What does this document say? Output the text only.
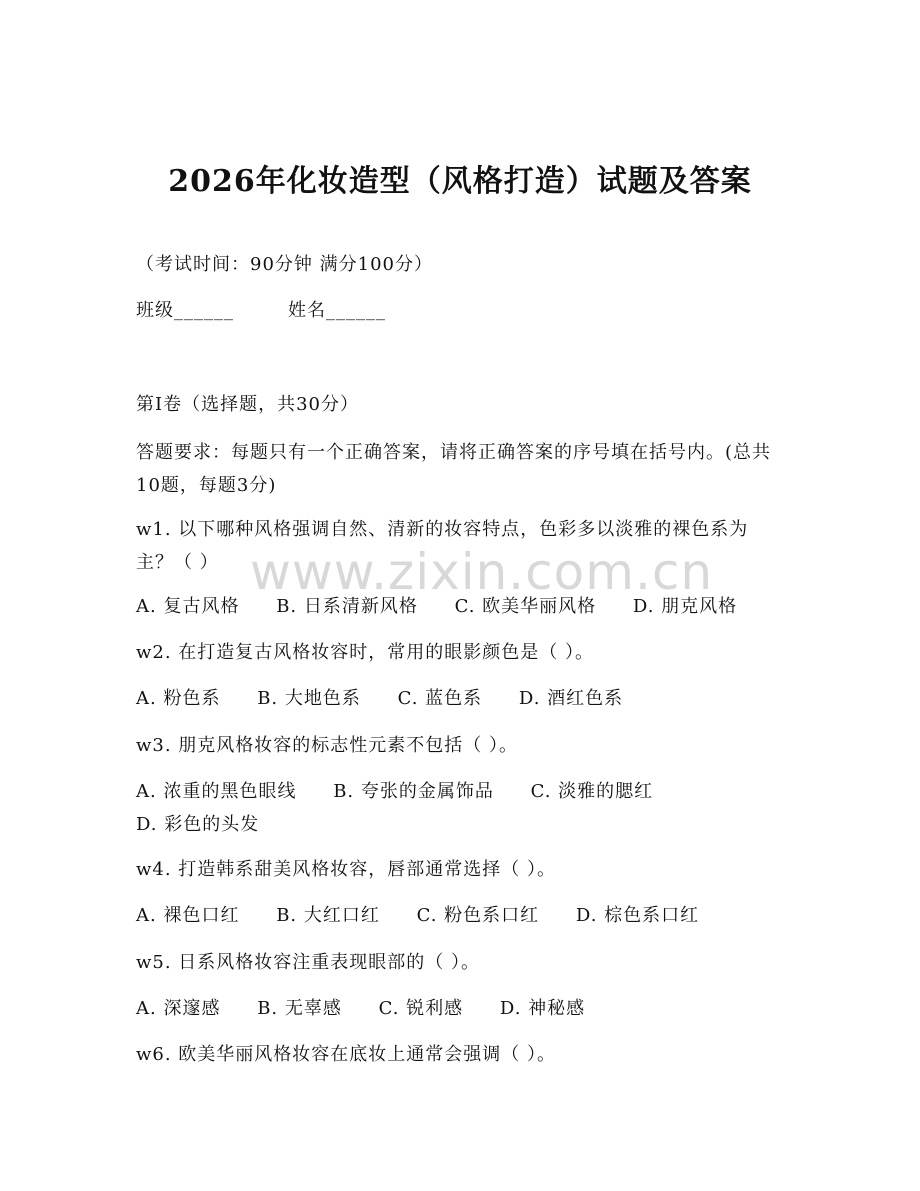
www.zixin.com.cn
2026年化妆造型（风格打造）试题及答案
（考试时间：90分钟 满分100分）
班级______	姓名______
第I卷（选择题，共30分）
答题要求：每题只有一个正确答案，请将正确答案的序号填在括号内。(总共10题，每题3分)
w1. 以下哪种风格强调自然、清新的妆容特点，色彩多以淡雅的裸色系为主？（ ）
A. 复古风格 B. 日系清新风格 C. 欧美华丽风格 D. 朋克风格
w2. 在打造复古风格妆容时，常用的眼影颜色是（ ）。
A. 粉色系 B. 大地色系 C. 蓝色系 D. 酒红色系
w3. 朋克风格妆容的标志性元素不包括（ ）。
A. 浓重的黑色眼线 B. 夸张的金属饰品 C. 淡雅的腮红 D. 彩色的头发
w4. 打造韩系甜美风格妆容，唇部通常选择（ ）。
A. 裸色口红 B. 大红口红 C. 粉色系口红 D. 棕色系口红
w5. 日系风格妆容注重表现眼部的（ ）。
A. 深邃感 B. 无辜感 C. 锐利感 D. 神秘感
w6. 欧美华丽风格妆容在底妆上通常会强调（ ）。
